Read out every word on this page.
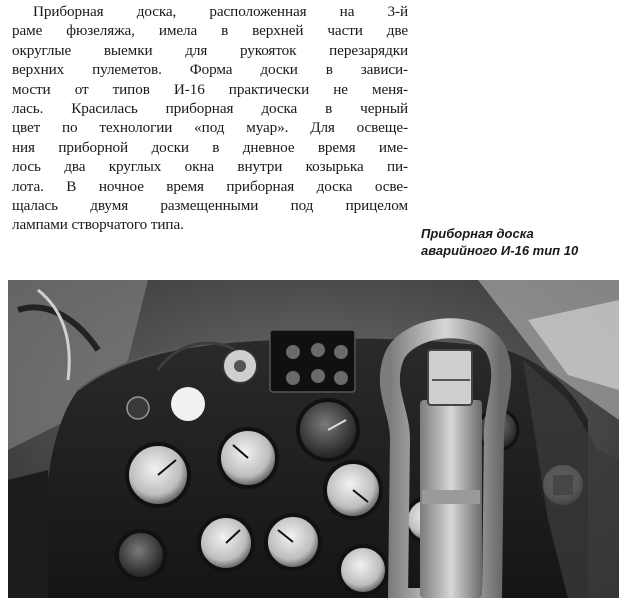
Приборная доска, расположенная на 3-й
раме фюзеляжа, имела в верхней части две
округлые выемки для рукояток перезарядки
верхних пулеметов. Форма доски в зависи-
мости от типов И-16 практически не меня-
лась. Красилась приборная доска в черный
цвет по технологии «под муар». Для освеще-
ния приборной доски в дневное время име-
лось два круглых окна внутри козырька пи-
лота. В ночное время приборная доска осве-
щалась двумя размещенными под прицелом
лампами створчатого типа.
Приборная доска
аварийного И-16 тип 10
